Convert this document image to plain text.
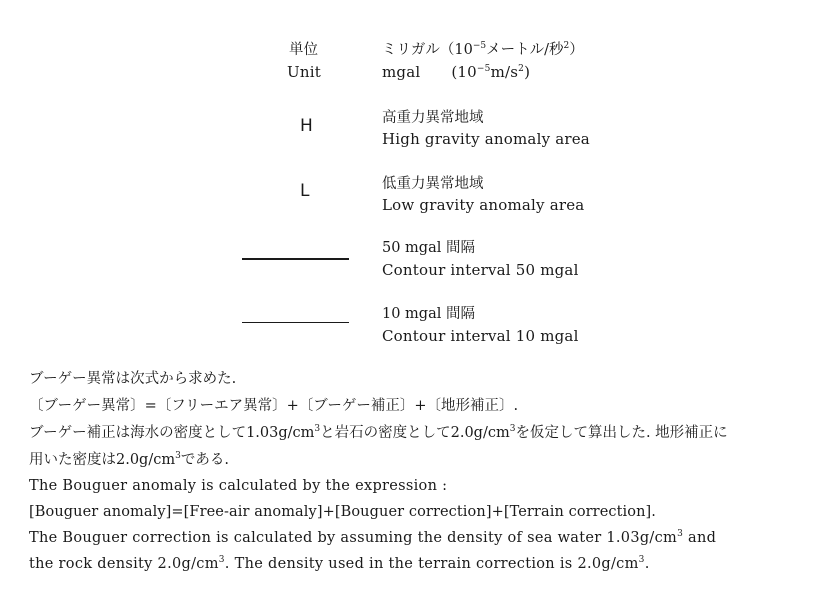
単位
Unit
ミリガル（$10^{-5}$メートル/秒$^2$）
mgal $(10^{-5}m/s^2)$
H	高重力異常地域
High gravity anomaly area
L	低重力異常地域
Low gravity anomaly area
50 mgal 間隔
Contour interval 50 mgal
10 mgal 間隔
Contour interval 10 mgal
ブーゲー異常は次式から求めた.
〔ブーゲー異常〕=〔フリーエア異常〕+〔ブーゲー補正〕+〔地形補正〕.
ブーゲー補正は海水の密度として$1.03g/cm^3$と岩石の密度として$2.0g/cm^3$を仮定して算出した. 地形補正に
用いた密度は$2.0g/cm^3$である.
The Bouguer anomaly is calculated by the expression :
[Bouguer anomaly]=[Free-air anomaly]+[Bouguer correction]+[Terrain correction].
The Bouguer correction is calculated by assuming the density of sea water $1.03g/cm^3$ and
the rock density $2.0g/cm^3$. The density used in the terrain correction is $2.0g/cm^3$.
